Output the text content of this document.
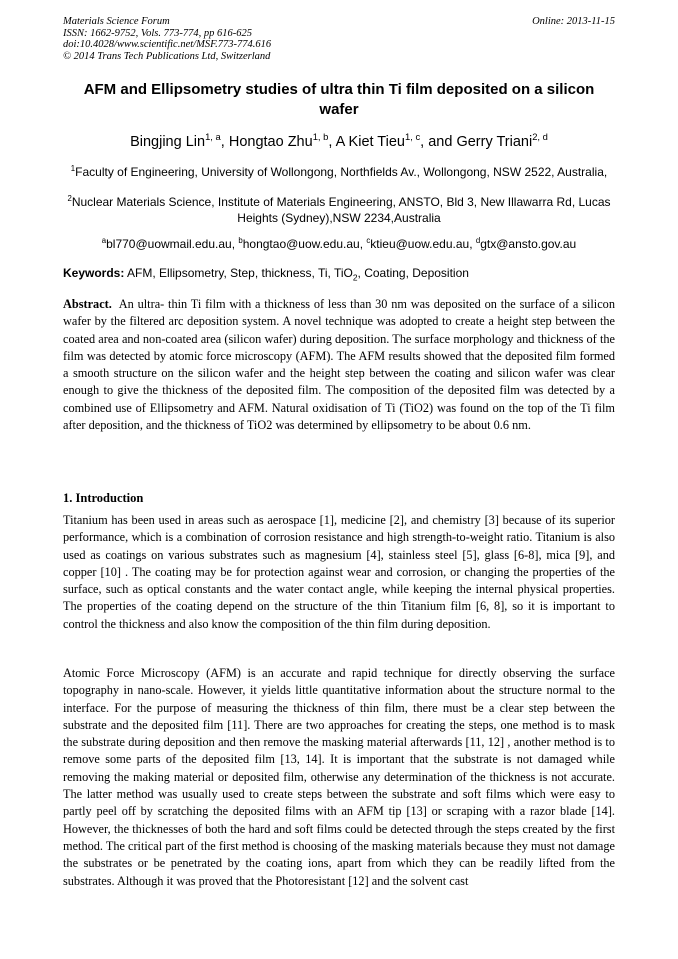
Materials Science Forum
ISSN: 1662-9752, Vols. 773-774, pp 616-625
doi:10.4028/www.scientific.net/MSF.773-774.616
© 2014 Trans Tech Publications Ltd, Switzerland
Online: 2013-11-15
AFM and Ellipsometry studies of ultra thin Ti film deposited on a silicon wafer
Bingjing Lin$^{1, a}$, Hongtao Zhu$^{1, b}$, A Kiet Tieu$^{1, c}$, and Gerry Triani$^{2, d}$
$^1$Faculty of Engineering, University of Wollongong, Northfields Av., Wollongong, NSW 2522, Australia,
$^2$Nuclear Materials Science, Institute of Materials Engineering, ANSTO, Bld 3, New Illawarra Rd, Lucas Heights (Sydney),NSW 2234,Australia
$^a$bl770@uowmail.edu.au, $^b$hongtao@uow.edu.au, $^c$ktieu@uow.edu.au, $^d$gtx@ansto.gov.au
Keywords: AFM, Ellipsometry, Step, thickness, Ti, TiO$_2$, Coating, Deposition
Abstract. An ultra- thin Ti film with a thickness of less than 30 nm was deposited on the surface of a silicon wafer by the filtered arc deposition system. A novel technique was adopted to create a height step between the coated area and non-coated area (silicon wafer) during deposition. The surface morphology and thickness of the film was detected by atomic force microscopy (AFM). The AFM results showed that the deposited film formed a smooth structure on the silicon wafer and the height step between the coating and silicon wafer was clear enough to give the thickness of the deposited film. The composition of the deposited film was detected by a combined use of Ellipsometry and AFM. Natural oxidisation of Ti (TiO2) was found on the top of the Ti film after deposition, and the thickness of TiO2 was determined by ellipsometry to be about 0.6 nm.
1. Introduction
Titanium has been used in areas such as aerospace [1], medicine [2], and chemistry [3] because of its superior performance, which is a combination of corrosion resistance and high strength-to-weight ratio. Titanium is also used as coatings on various substrates such as magnesium [4], stainless steel [5], glass [6-8], mica [9], and copper [10] . The coating may be for protection against wear and corrosion, or changing the properties of the surface, such as optical constants and the water contact angle, while keeping the internal physical properties. The properties of the coating depend on the structure of the thin Titanium film [6, 8], so it is important to control the thickness and also know the composition of the thin film during deposition.
Atomic Force Microscopy (AFM) is an accurate and rapid technique for directly observing the surface topography in nano-scale. However, it yields little quantitative information about the structure normal to the interface. For the purpose of measuring the thickness of thin film, there must be a clear step between the substrate and the deposited film [11]. There are two approaches for creating the steps, one method is to mask the substrate during deposition and then remove the masking material afterwards [11, 12] , another method is to remove some parts of the deposited film [13, 14]. It is important that the substrate is not damaged while removing the making material or deposited film, otherwise any determination of the thickness is not accurate. The latter method was usually used to create steps between the substrate and soft films which were easy to partly peel off by scratching the deposited films with an AFM tip [13] or scraping with a razor blade [14]. However, the thicknesses of both the hard and soft films could be detected through the steps created by the first method. The critical part of the first method is choosing of the masking materials because they must not damage the substrates or be penetrated by the coating ions, apart from which they can be readily lifted from the substrates. Although it was proved that the Photoresistant [12] and the solvent cast
